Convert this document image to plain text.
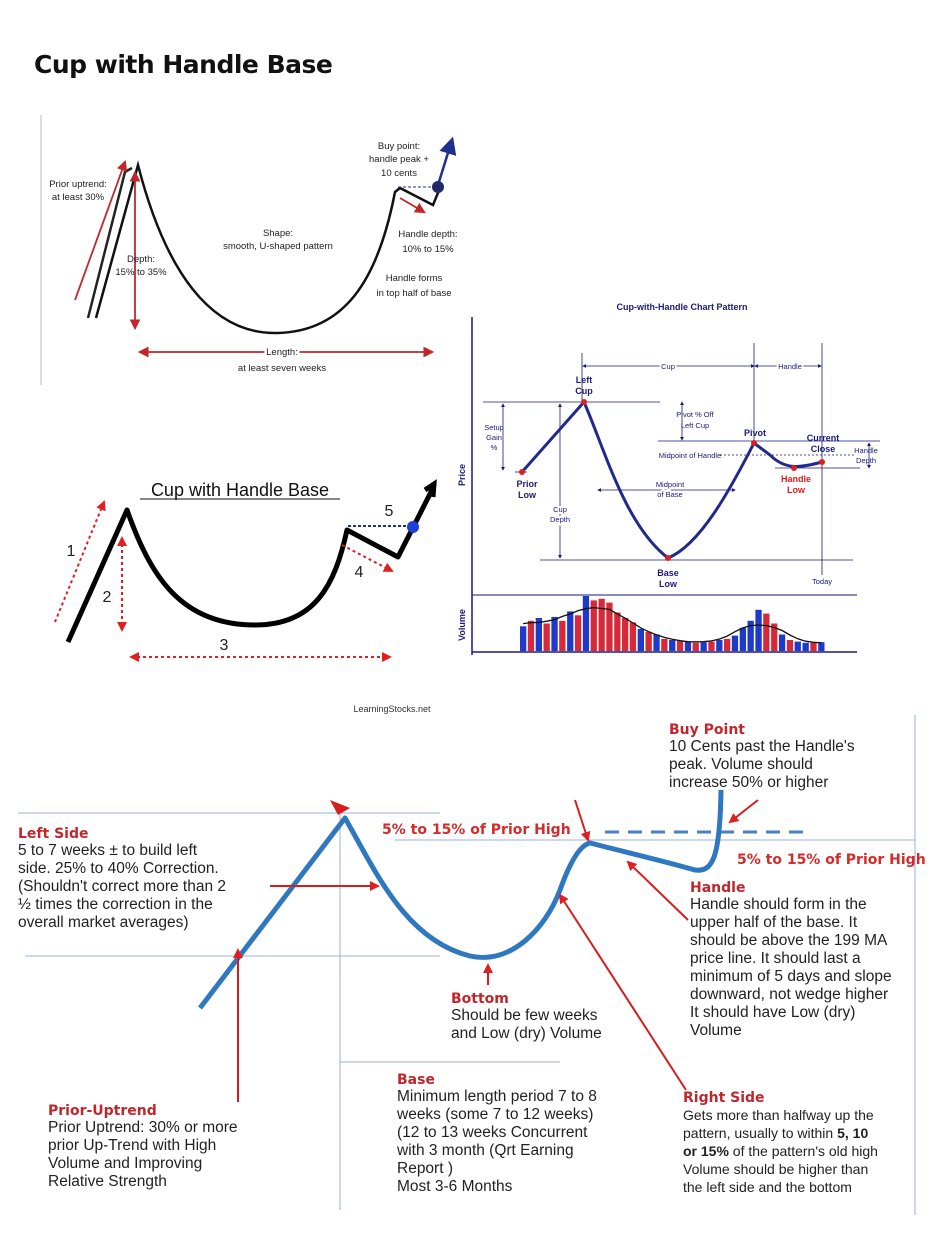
Cup with Handle Base
Prior uptrend:
at least 30%
Depth:
15% to 35%
Shape:
smooth, U-shaped pattern
Buy point:
handle peak +
10 cents
Handle depth:
10% to 15%
Handle forms
in top half of base
Length:
at least seven weeks
Cup with Handle Base
1
2
3
4
5
Cup-with-Handle Chart Pattern
Price
Volume
Cup	Handle
Left
Cup
Pivot % Off
Left Cup
Pivot	Current
Close
Setup
Gain
%
Midpoint of Handle
Handle
Depth
Prior
Low
Handle
Low
Midpoint
of Base
Cup
Depth
Base
Low	Today
LearningStocks.net
Buy Point
10 Cents past the Handle's
peak. Volume should
increase 50% or higher
5% to 15% of Prior High
5% to 15% of Prior High
Left Side
5 to 7 weeks ± to build left
side. 25% to 40% Correction.
(Shouldn't correct more than 2
½ times the correction in the
overall market averages)
Handle
Handle should form in the
upper half of the base. It
should be above the 199 MA
price line. It should last a
minimum of 5 days and slope
downward, not wedge higher
It should have Low (dry)
Volume
Bottom
Should be few weeks
and Low (dry) Volume
Prior-Uptrend
Prior Uptrend: 30% or more
prior Up-Trend with High
Volume and Improving
Relative Strength
Base
Minimum length period 7 to 8
weeks (some 7 to 12 weeks)
(12 to 13 weeks Concurrent
with 3 month (Qrt Earning
Report )
Most 3-6 Months
Right Side
Gets more than halfway up the
pattern, usually to within 5, 10
or 15% of the pattern's old high
Volume should be higher than
the left side and the bottom
